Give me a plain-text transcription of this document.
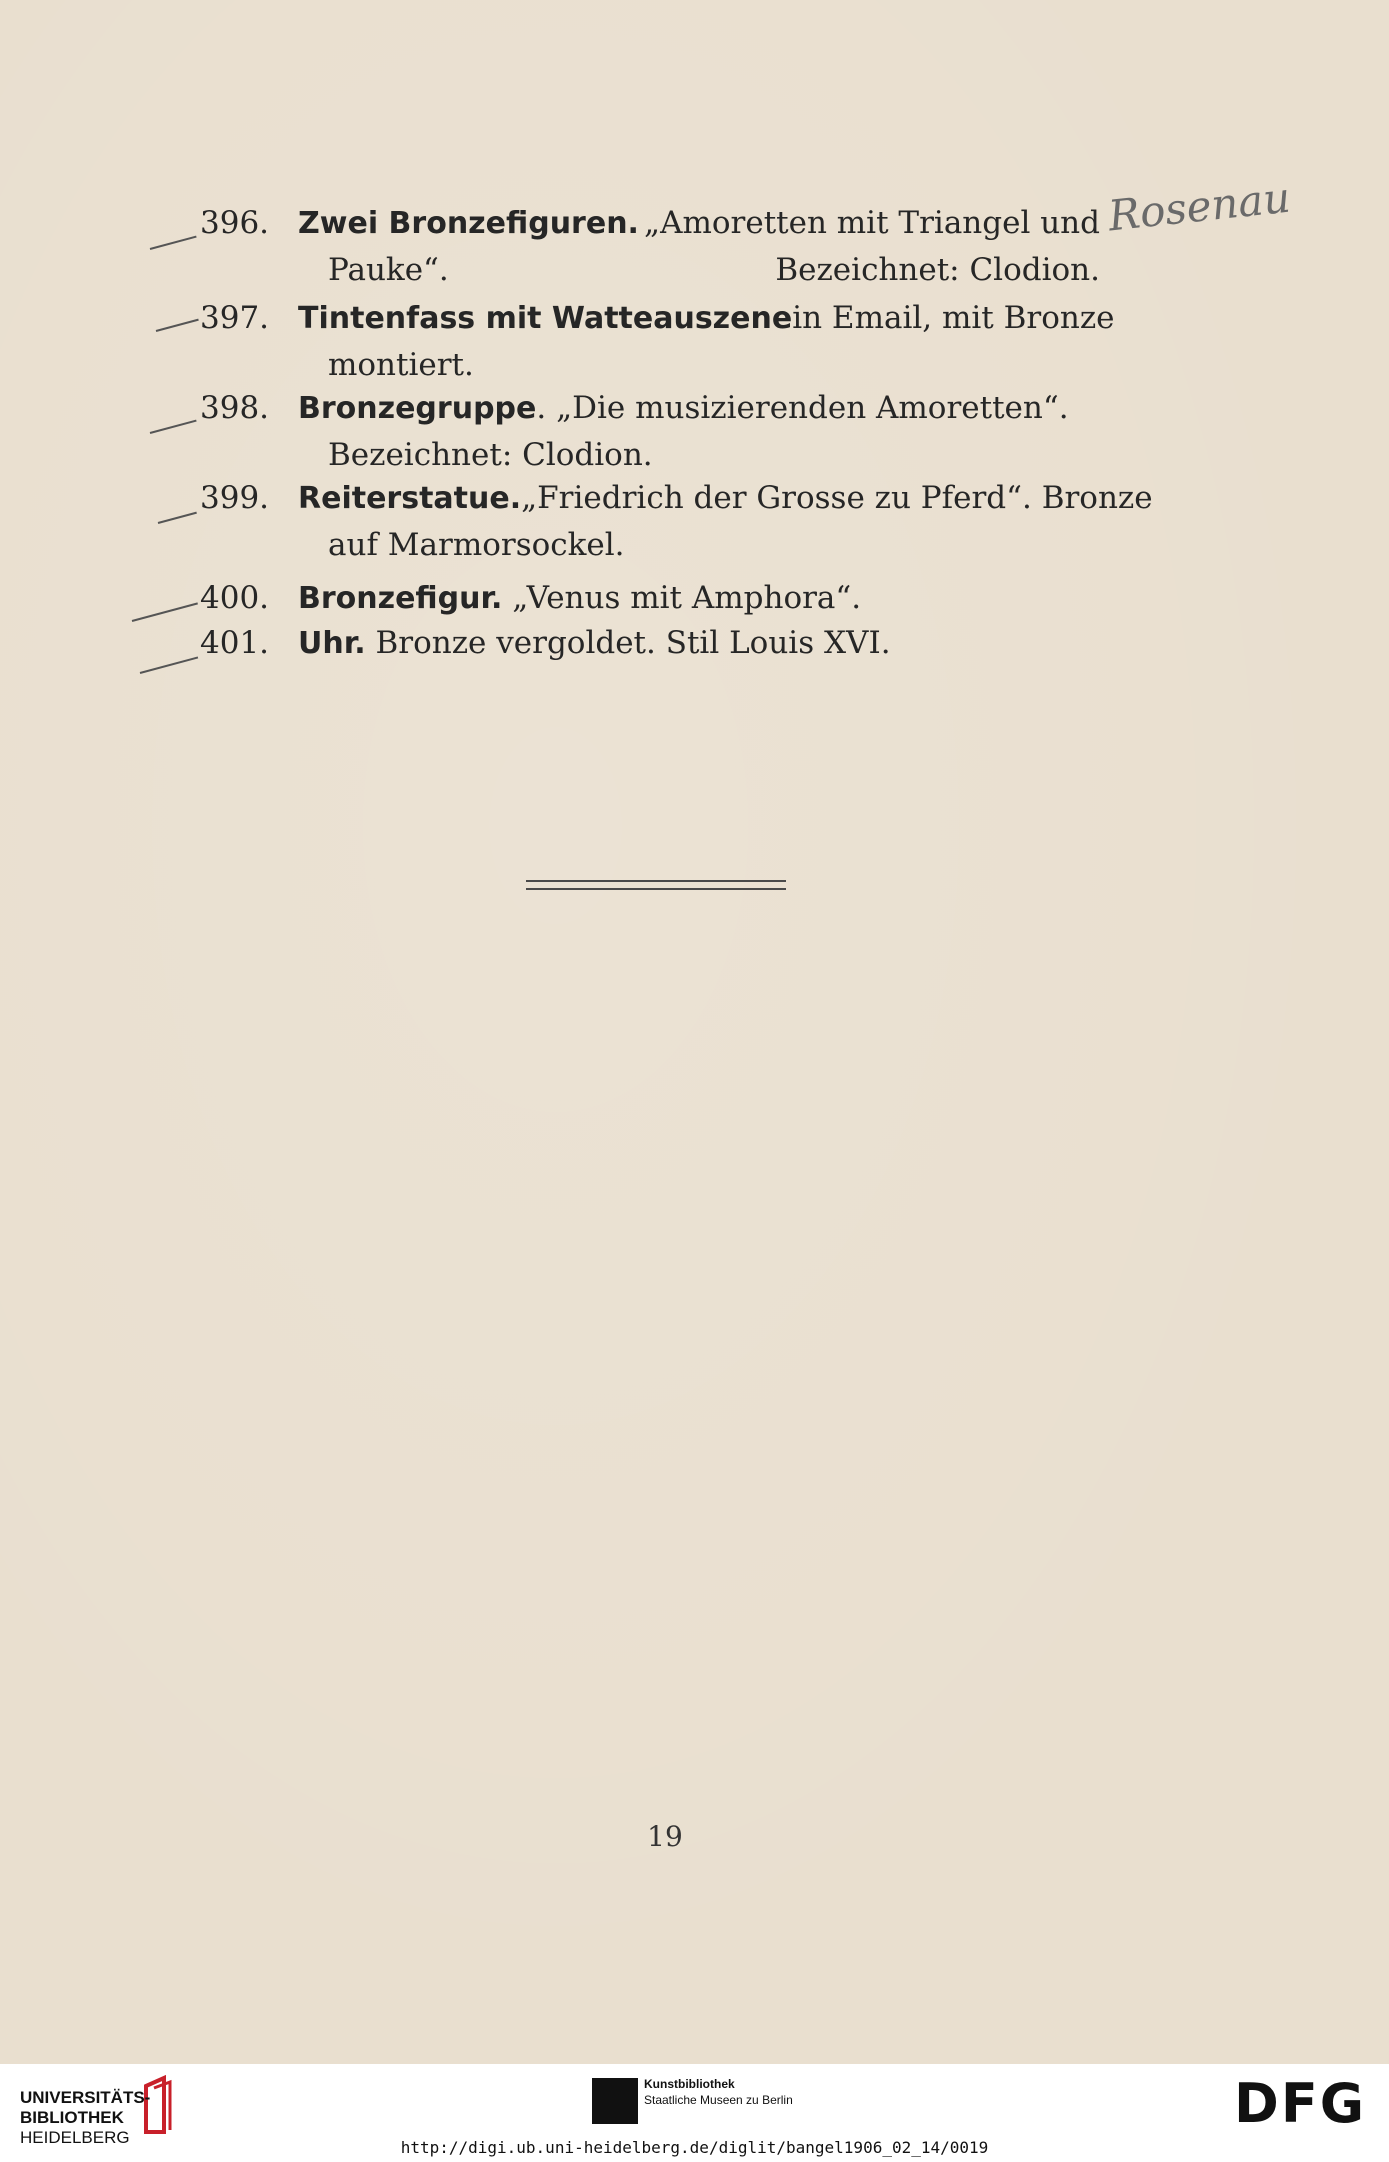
Rosenau
396. Zwei Bronzefiguren. „Amoretten mit Triangel und
Pauke“.	Bezeichnet: Clodion.
397. Tintenfass mit Watteauszene in Email, mit Bronze
montiert.
398. Bronzegruppe. „Die musizierenden Amoretten“.
Bezeichnet: Clodion.
399. Reiterstatue. „Friedrich der Grosse zu Pferd“. Bronze
auf Marmorsockel.
400. Bronzefigur. „Venus mit Amphora“.
401. Uhr. Bronze vergoldet. Stil Louis XVI.
19
UNIVERSITÄTS-
BIBLIOTHEK
HEIDELBERG
Kunstbibliothek
Staatliche Museen zu Berlin	DFG
http://digi.ub.uni-heidelberg.de/diglit/bangel1906_02_14/0019
